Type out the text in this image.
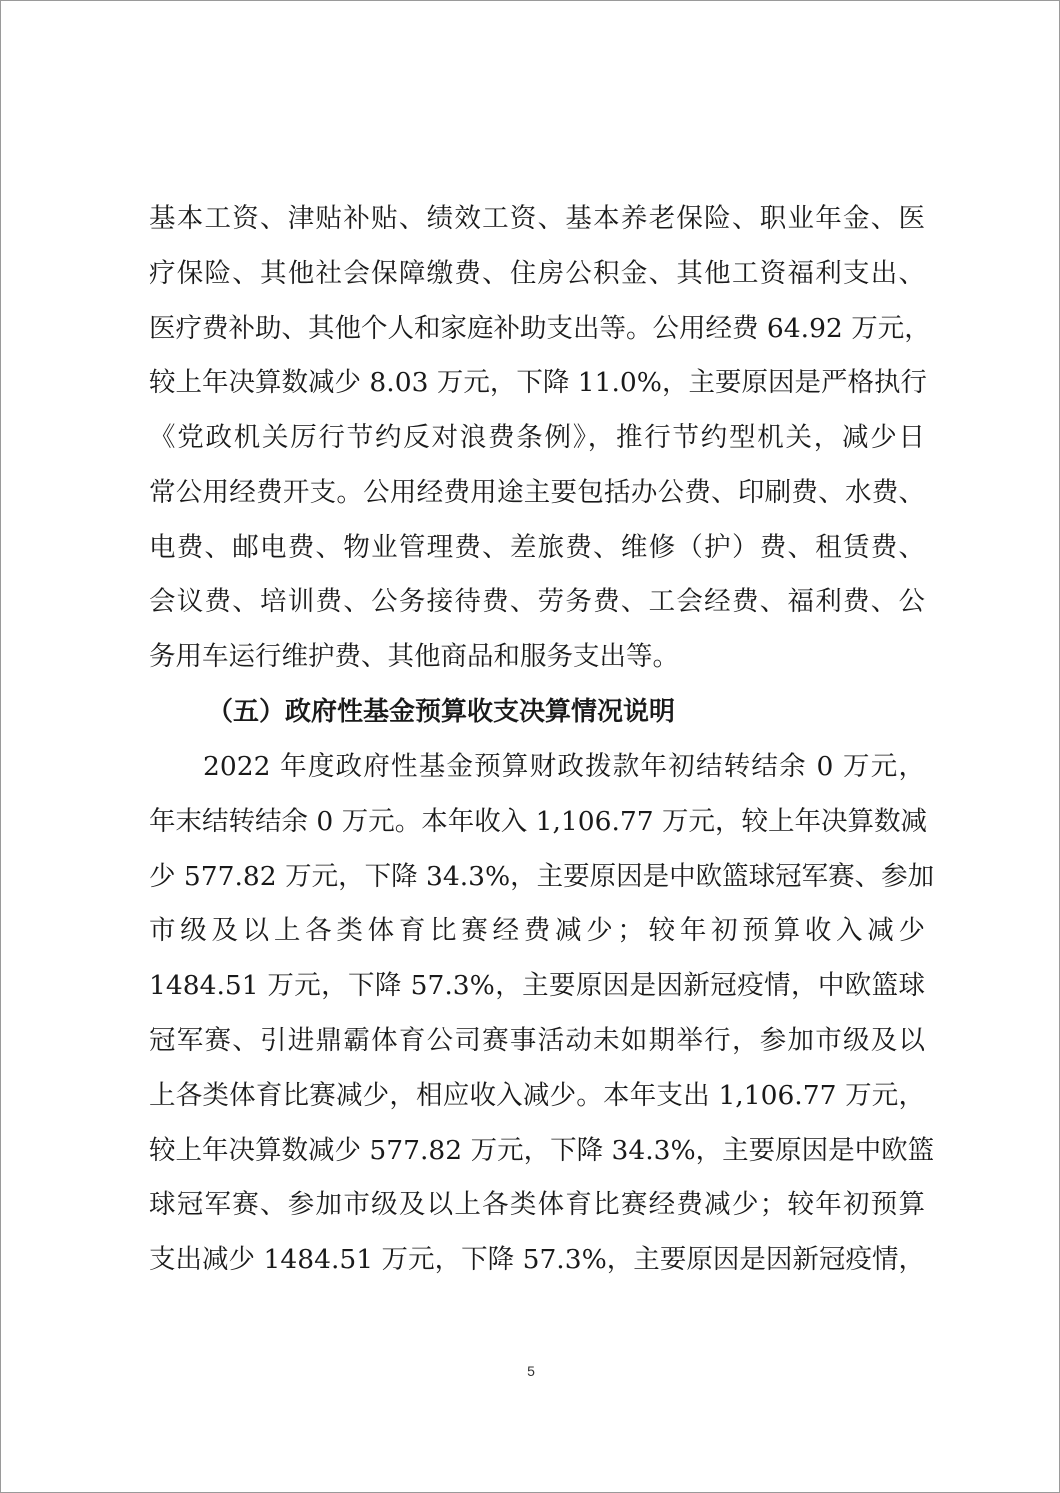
基本工资、津贴补贴、绩效工资、基本养老保险、职业年金、医
疗保险、其他社会保障缴费、住房公积金、其他工资福利支出、
医疗费补助、其他个人和家庭补助支出等。公用经费 64.92 万元，
较上年决算数减少 8.03 万元，下降 11.0%，主要原因是严格执行
《党政机关厉行节约反对浪费条例》，推行节约型机关，减少日
常公用经费开支。公用经费用途主要包括办公费、印刷费、水费、
电费、邮电费、物业管理费、差旅费、维修（护）费、租赁费、
会议费、培训费、公务接待费、劳务费、工会经费、福利费、公
务用车运行维护费、其他商品和服务支出等。
（五）政府性基金预算收支决算情况说明
2022 年度政府性基金预算财政拨款年初结转结余 0 万元，
年末结转结余 0 万元。本年收入 1,106.77 万元，较上年决算数减
少 577.82 万元，下降 34.3%，主要原因是中欧篮球冠军赛、参加
市级及以上各类体育比赛经费减少；较年初预算收入减少
1484.51 万元，下降 57.3%，主要原因是因新冠疫情，中欧篮球
冠军赛、引进鼎霸体育公司赛事活动未如期举行，参加市级及以
上各类体育比赛减少，相应收入减少。本年支出 1,106.77 万元，
较上年决算数减少 577.82 万元，下降 34.3%，主要原因是中欧篮
球冠军赛、参加市级及以上各类体育比赛经费减少；较年初预算
支出减少 1484.51 万元，下降 57.3%，主要原因是因新冠疫情，
5
